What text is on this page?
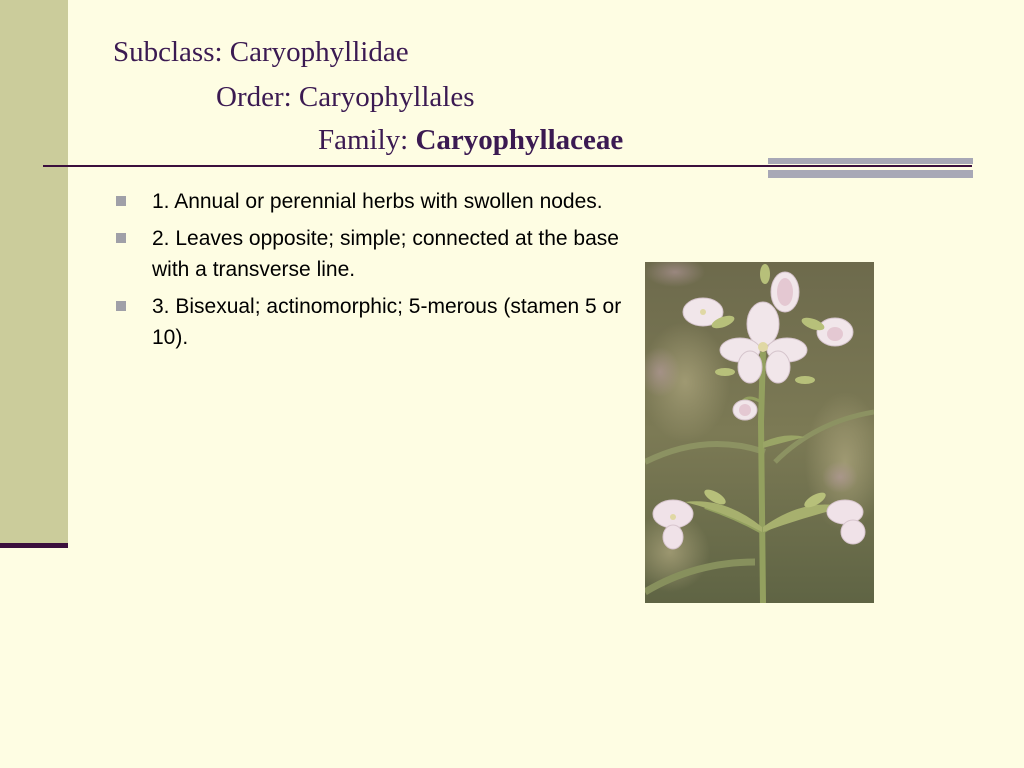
Subclass: Caryophyllidae
Order: Caryophyllales
Family: Caryophyllaceae
1. Annual or perennial herbs with swollen nodes.
2. Leaves opposite; simple; connected at the base with a transverse line.
3. Bisexual; actinomorphic; 5-merous (stamen 5 or 10).
